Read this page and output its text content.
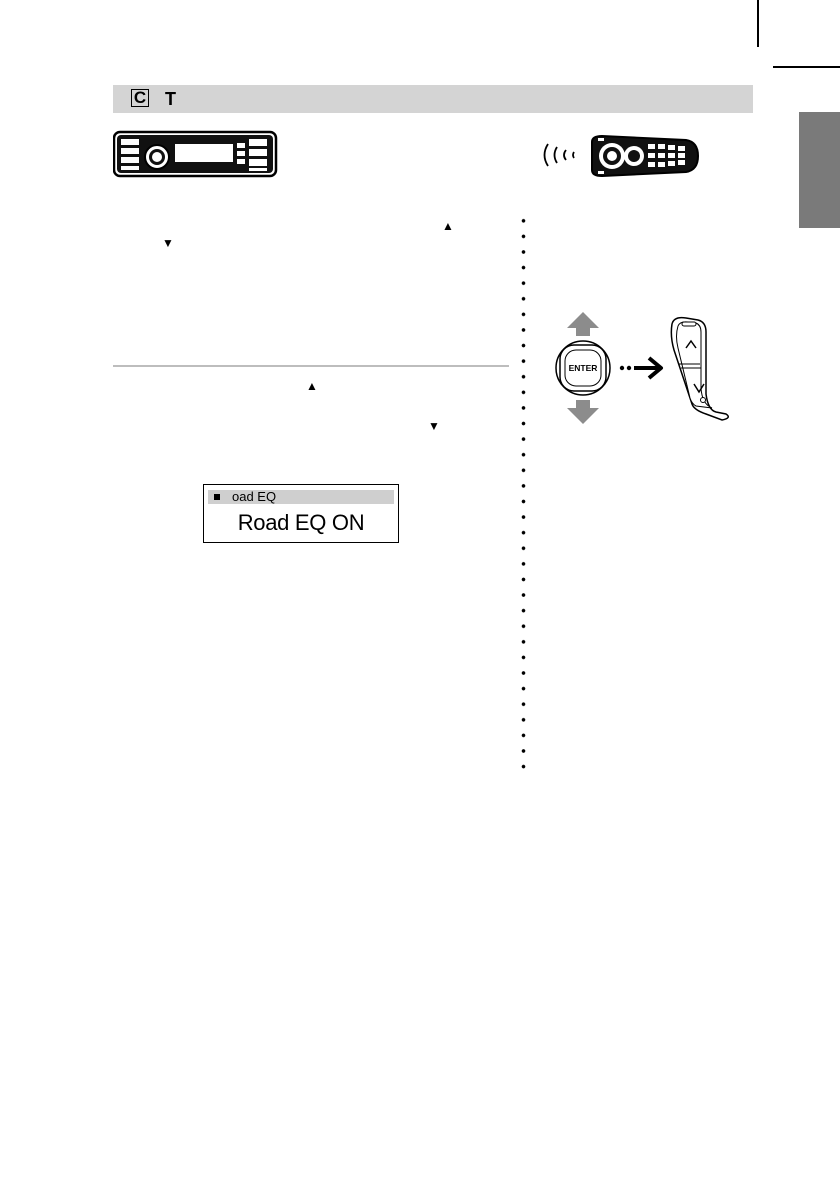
C T
▲
▼
▲
▼
oad EQ
Road EQ ON
ENTER
